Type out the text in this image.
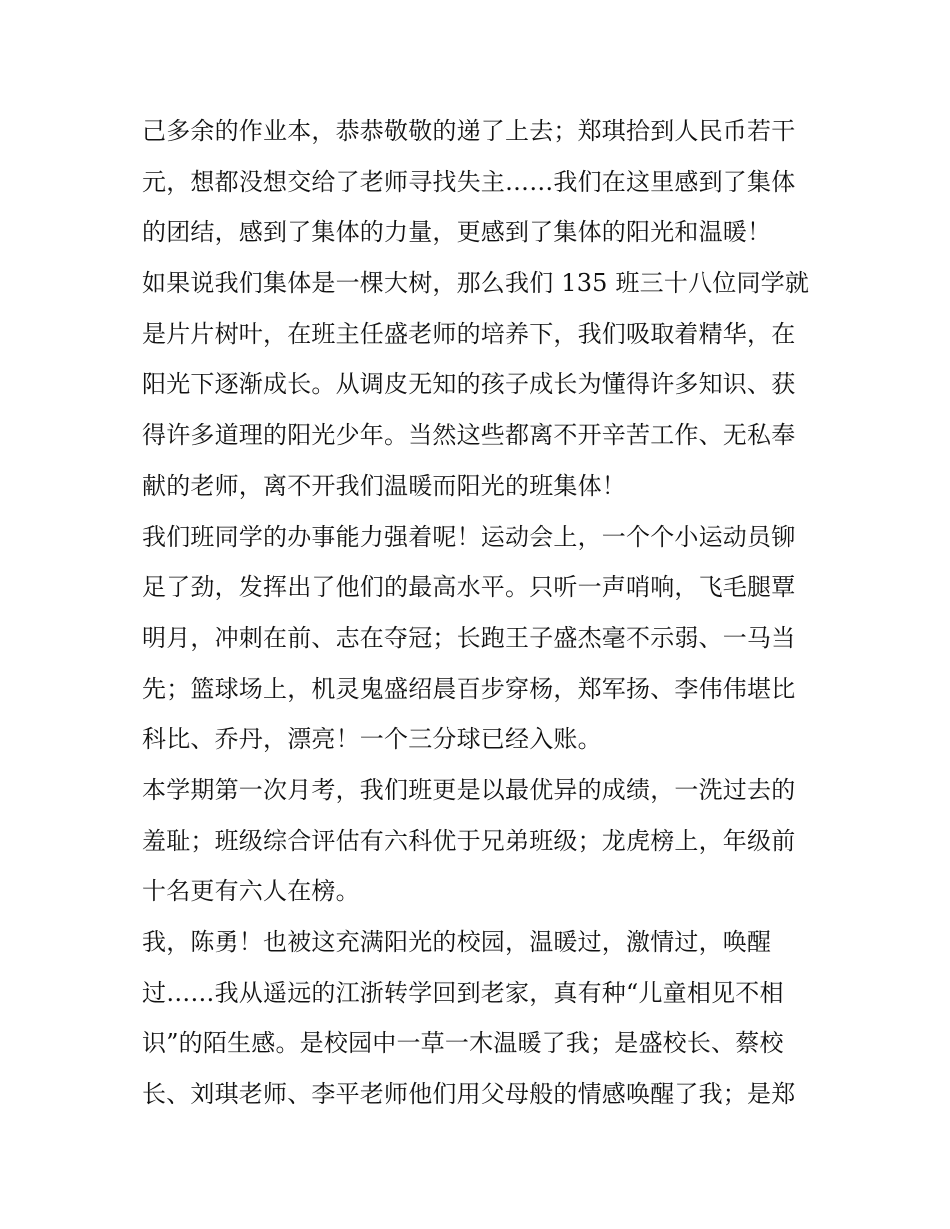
己多余的作业本，恭恭敬敬的递了上去；郑琪拾到人民币若干
元，想都没想交给了老师寻找失主……我们在这里感到了集体
的团结，感到了集体的力量，更感到了集体的阳光和温暖！
如果说我们集体是一棵大树，那么我们 135 班三十八位同学就
是片片树叶，在班主任盛老师的培养下，我们吸取着精华，在
阳光下逐渐成长。从调皮无知的孩子成长为懂得许多知识、获
得许多道理的阳光少年。当然这些都离不开辛苦工作、无私奉
献的老师，离不开我们温暖而阳光的班集体！
我们班同学的办事能力强着呢！运动会上，一个个小运动员铆
足了劲，发挥出了他们的最高水平。只听一声哨响，飞毛腿覃
明月，冲刺在前、志在夺冠；长跑王子盛杰毫不示弱、一马当
先；篮球场上，机灵鬼盛绍晨百步穿杨，郑军扬、李伟伟堪比
科比、乔丹，漂亮！一个三分球已经入账。
本学期第一次月考，我们班更是以最优异的成绩，一洗过去的
羞耻；班级综合评估有六科优于兄弟班级；龙虎榜上，年级前
十名更有六人在榜。
我，陈勇！也被这充满阳光的校园，温暖过，激情过，唤醒
过……我从遥远的江浙转学回到老家，真有种“儿童相见不相
识”的陌生感。是校园中一草一木温暖了我；是盛校长、蔡校
长、刘琪老师、李平老师他们用父母般的情感唤醒了我；是郑
